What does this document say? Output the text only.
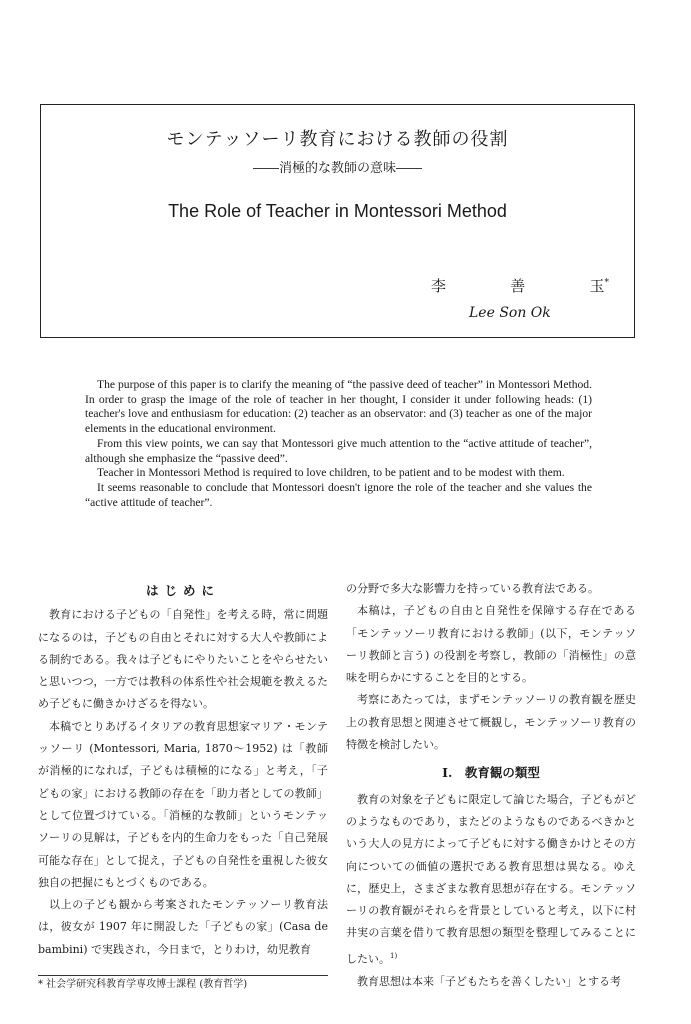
モンテッソーリ教育における教師の役割
――消極的な教師の意味――
The Role of Teacher in Montessori Method
李	善	玉*
Lee Son Ok

The purpose of this paper is to clarify the meaning of “the passive deed of teacher” in Montessori Method. In order to grasp the image of the role of teacher in her thought, I consider it under following heads: (1) teacher's love and enthusiasm for education: (2) teacher as an observator: and (3) teacher as one of the major elements in the educational environment.

From this view points, we can say that Montessori give much attention to the “active attitude of teacher”, although she emphasize the “passive deed”.

Teacher in Montessori Method is required to love children, to be patient and to be modest with them.

It seems reasonable to conclude that Montessori doesn't ignore the role of the teacher and she values the “active attitude of teacher”.

はじめに

教育における子どもの「自発性」を考える時，常に問題になるのは，子どもの自由とそれに対する大人や教師による制約である。我々は子どもにやりたいことをやらせたいと思いつつ，一方では教科の体系性や社会規範を教えるため子どもに働きかけざるを得ない。

本稿でとりあげるイタリアの教育思想家マリア・モンテッソーリ (Montessori, Maria, 1870～1952) は「教師が消極的になれば，子どもは積極的になる」と考え，「子どもの家」における教師の存在を「助力者としての教師」として位置づけている。「消極的な教師」というモンテッソーリの見解は，子どもを内的生命力をもった「自己発展可能な存在」として捉え，子どもの自発性を重視した彼女独自の把握にもとづくものである。

以上の子ども観から考案されたモンテッソーリ教育法は，彼女が 1907 年に開設した「子どもの家」(Casa de bambini) で実践され，今日まで，とりわけ，幼児教育

の分野で多大な影響力を持っている教育法である。

本稿は，子どもの自由と自発性を保障する存在である「モンテッソーリ教育における教師」(以下，モンテッソーリ教師と言う) の役割を考察し，教師の「消極性」の意味を明らかにすることを目的とする。

考察にあたっては，まずモンテッソーリの教育観を歴史上の教育思想と関連させて概観し，モンテッソーリ教育の特徴を検討したい。

I.　教育観の類型

教育の対象を子どもに限定して論じた場合，子どもがどのようなものであり，またどのようなものであるべきかという大人の見方によって子どもに対する働きかけとその方向についての価値の選択である教育思想は異なる。ゆえに，歴史上，さまざまな教育思想が存在する。モンテッソーリの教育観がそれらを背景としていると考え，以下に村井実の言葉を借りて教育思想の類型を整理してみることにしたい。$^{1)}$

教育思想は本来「子どもたちを善くしたい」とする考

* 社会学研究科教育学専攻博士課程 (教育哲学)
